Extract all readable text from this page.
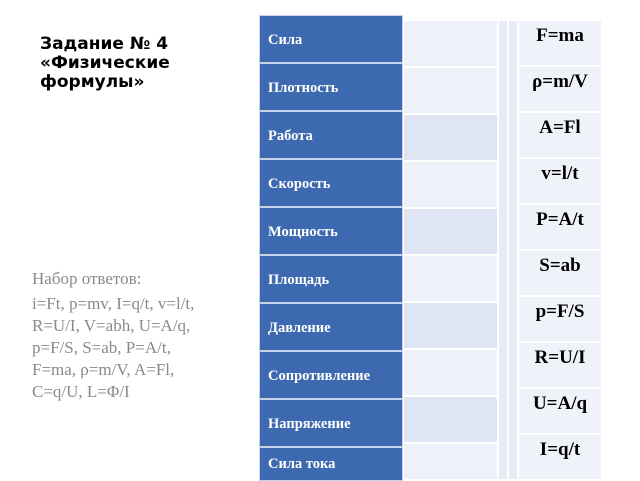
Задание № 4 «Физические формулы»

Набор ответов:

i=Ft, p=mv, I=q/t, v=l/t,
R=U/I, V=abh, U=A/q,
p=F/S, S=ab, P=A/t,
F=ma, ρ=m/V, A=Fl,
C=q/U, L=Φ/I
Сила
Плотность
Работа
Скорость
Мощность
Площадь
Давление
Сопротивление
Напряжение
Сила тока
F=ma
ρ=m/V
A=Fl
v=l/t
P=A/t
S=ab
p=F/S
R=U/I
U=A/q
I=q/t
